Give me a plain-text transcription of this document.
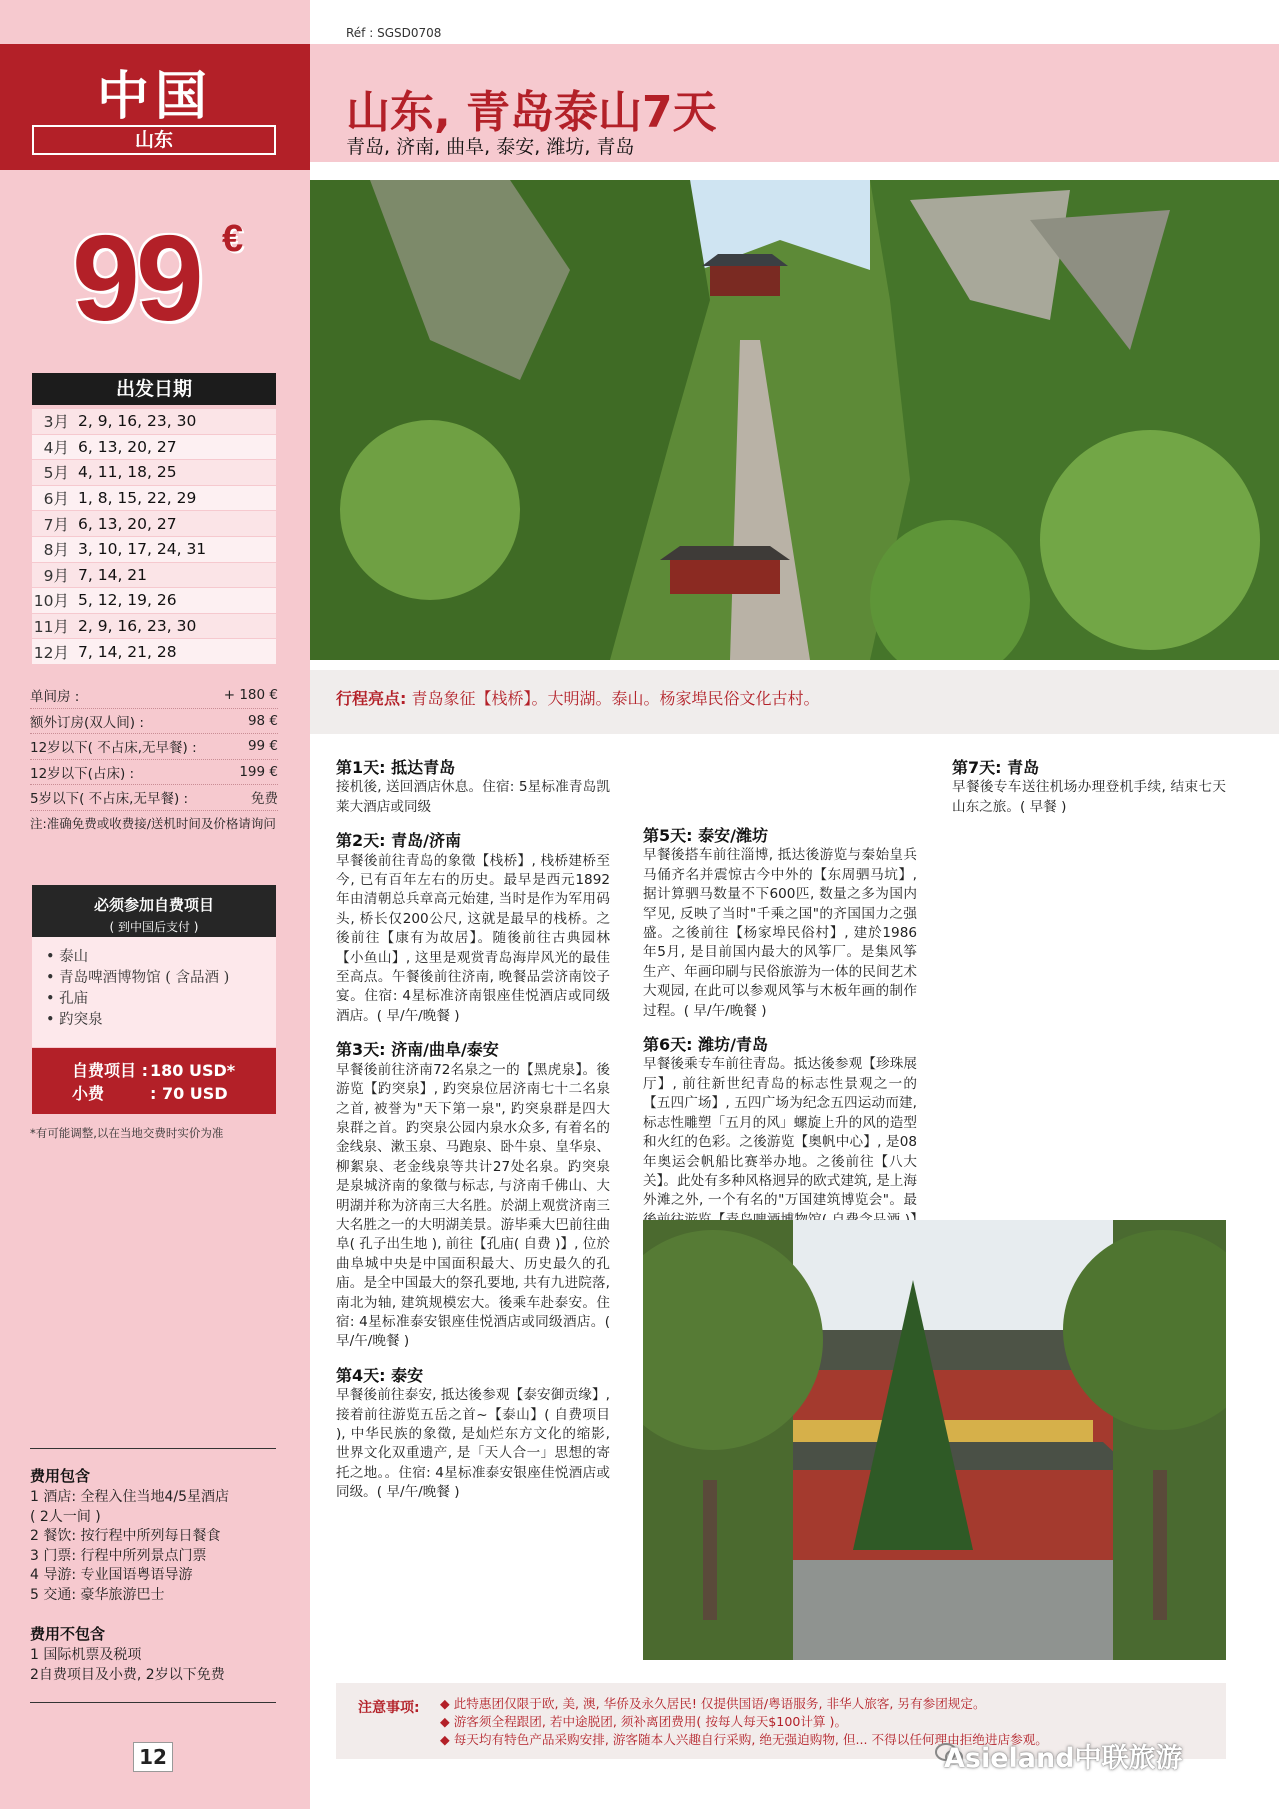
中国
山东
99 €
出发日期
3月 2, 9, 16, 23, 30
4月 6, 13, 20, 27
5月 4, 11, 18, 25
6月 1, 8, 15, 22, 29
7月 6, 13, 20, 27
8月 3, 10, 17, 24, 31
9月 7, 14, 21
10月 5, 12, 19, 26
11月 2, 9, 16, 23, 30
12月 7, 14, 21, 28
单间房 :	+ 180 €
额外订房(双人间) :	98 €
12岁以下( 不占床,无早餐) :	99 €
12岁以下(占床) :	199 €
5岁以下( 不占床,无早餐) :	免费
注:准确免费或收费接/送机时间及价格请询问
必须参加自费项目
( 到中国后支付 )
• 泰山
• 青岛啤酒博物馆 ( 含品酒 )
• 孔庙
• 趵突泉
自费项目 : 180 USD*
小费	: 70 USD
*有可能调整,以在当地交费时实价为准
费用包含
1 酒店: 全程入住当地4/5星酒店
( 2人一间 )
2 餐饮: 按行程中所列每日餐食
3 门票: 行程中所列景点门票
4 导游: 专业国语粤语导游
5 交通: 豪华旅游巴士
费用不包含
1 国际机票及税项
2自费项目及小费, 2岁以下免费
12
Réf : SGSD0708
山东, 青岛泰山7天
青岛, 济南, 曲阜, 泰安, 潍坊, 青岛
行程亮点: 青岛象征【栈桥】。大明湖。泰山。杨家埠民俗文化古村。
第1天: 抵达青岛

接机後, 送回酒店休息。住宿: 5星标准青岛凯莱大酒店或同级

第2天: 青岛/济南

早餐後前往青岛的象徵【栈桥】, 栈桥建桥至今, 已有百年左右的历史。最早是西元1892年由清朝总兵章高元始建, 当时是作为军用码头, 桥长仅200公尺, 这就是最早的栈桥。之後前往【康有为故居】。随後前往古典园林【小鱼山】, 这里是观赏青岛海岸风光的最佳至高点。午餐後前往济南, 晚餐品尝济南饺子宴。住宿: 4星标准济南银座佳悦酒店或同级酒店。( 早/午/晚餐 )

第3天: 济南/曲阜/泰安

早餐後前往济南72名泉之一的【黑虎泉】。後游览【趵突泉】, 趵突泉位居济南七十二名泉之首, 被誉为"天下第一泉", 趵突泉群是四大泉群之首。趵突泉公园内泉水众多, 有着名的金线泉、漱玉泉、马跑泉、卧牛泉、皇华泉、柳絮泉、老金线泉等共计27处名泉。趵突泉是泉城济南的象徵与标志, 与济南千佛山、大明湖并称为济南三大名胜。於湖上观赏济南三大名胜之一的大明湖美景。游毕乘大巴前往曲阜( 孔子出生地 ), 前往【孔庙( 自费 )】, 位於曲阜城中央是中国面积最大、历史最久的孔庙。是全中国最大的祭孔要地, 共有九进院落, 南北为轴, 建筑规模宏大。後乘车赴泰安。住宿: 4星标准泰安银座佳悦酒店或同级酒店。( 早/午/晚餐 )

第4天: 泰安

早餐後前往泰安, 抵达後参观【泰安御贡缘】, 接着前往游览五岳之首~【泰山】( 自费项目 ), 中华民族的象徵, 是灿烂东方文化的缩影, 世界文化双重遗产, 是「天人合一」思想的寄托之地。。住宿: 4星标准泰安银座佳悦酒店或同级。( 早/午/晚餐 )

第5天: 泰安/潍坊

早餐後搭车前往淄博, 抵达後游览与秦始皇兵马俑齐名并震惊古今中外的【东周驷马坑】, 据计算驷马数量不下600匹, 数量之多为国内罕见, 反映了当时"千乘之国"的齐国国力之强盛。之後前往【杨家埠民俗村】, 建於1986年5月, 是目前国内最大的风筝厂。是集风筝生产、年画印刷与民俗旅游为一体的民间艺术大观园, 在此可以参观风筝与木板年画的制作过程。( 早/午/晚餐 )

第6天: 潍坊/青岛

早餐後乘专车前往青岛。抵达後参观【珍珠展厅】, 前往新世纪青岛的标志性景观之一的【五四广场】, 五四广场为纪念五四运动而建, 标志性雕塑「五月的风」螺旋上升的风的造型和火红的色彩。之後游览【奥帆中心】, 是08年奥运会帆船比赛举办地。之後前往【八大关】。此处有多种风格迥异的欧式建筑, 是上海外滩之外, 一个有名的"万国建筑博览会"。最

第7天: 青岛

早餐後专车送往机场办理登机手续, 结束七天山东之旅。( 早餐 )

注意事项:
◆	此特惠团仅限于欧, 美, 澳, 华侨及永久居民! 仅提供国语/粤语服务, 非华人旅客, 另有参团规定。
◆ 游客须全程跟团, 若中途脱团, 须补离团费用( 按每人每天$100计算 )。
◆ 每天均有特色产品采购安排, 游客随本人兴趣自行采购, 绝无强迫购物, 但... 不得以任何理由拒绝进店参观。
Asieland中联旅游
